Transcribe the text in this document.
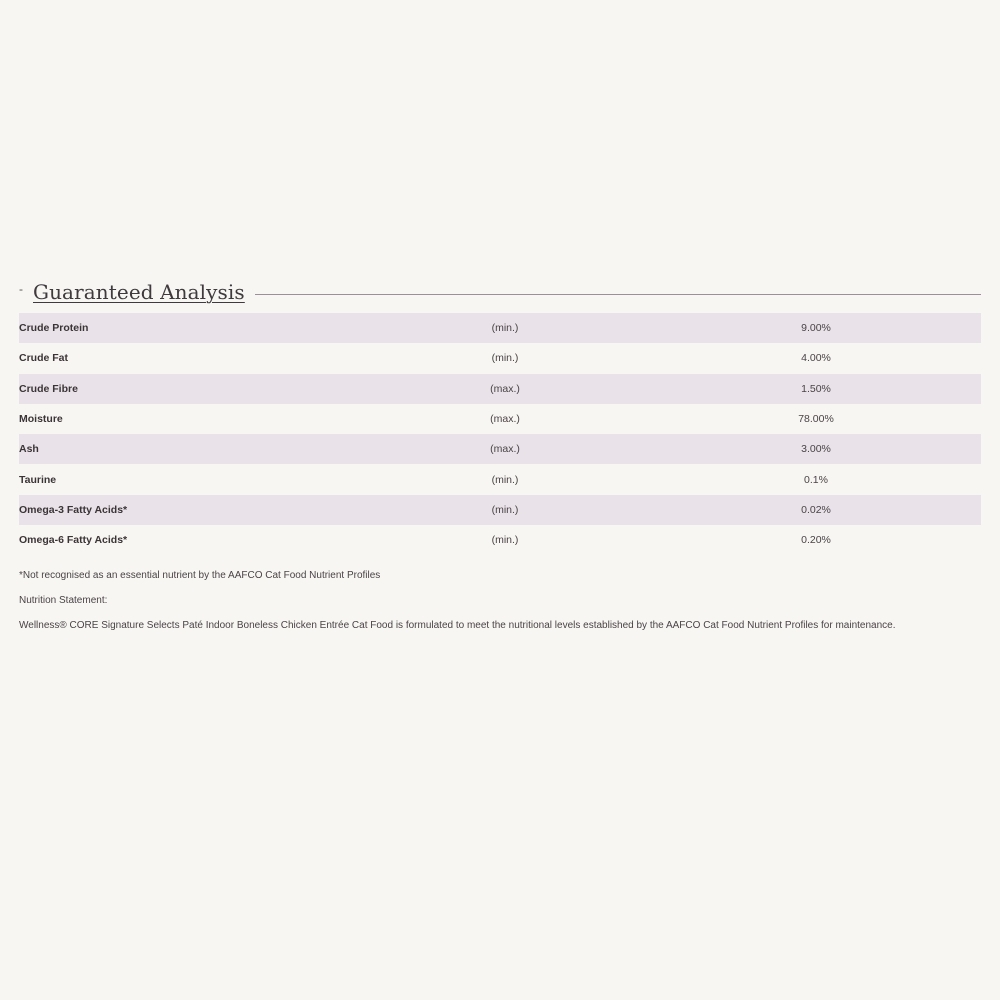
- Guaranteed Analysis
Crude Protein	(min.)	9.00%
Crude Fat	(min.)	4.00%
Crude Fibre	(max.)	1.50%
Moisture	(max.)	78.00%
Ash	(max.)	3.00%
Taurine	(min.)	0.1%
Omega-3 Fatty Acids*	(min.)	0.02%
Omega-6 Fatty Acids*	(min.)	0.20%

*Not recognised as an essential nutrient by the AAFCO Cat Food Nutrient Profiles

Nutrition Statement:

Wellness® CORE Signature Selects Paté Indoor Boneless Chicken Entrée Cat Food is formulated to meet the nutritional levels established by the AAFCO Cat Food Nutrient Profiles for maintenance.
